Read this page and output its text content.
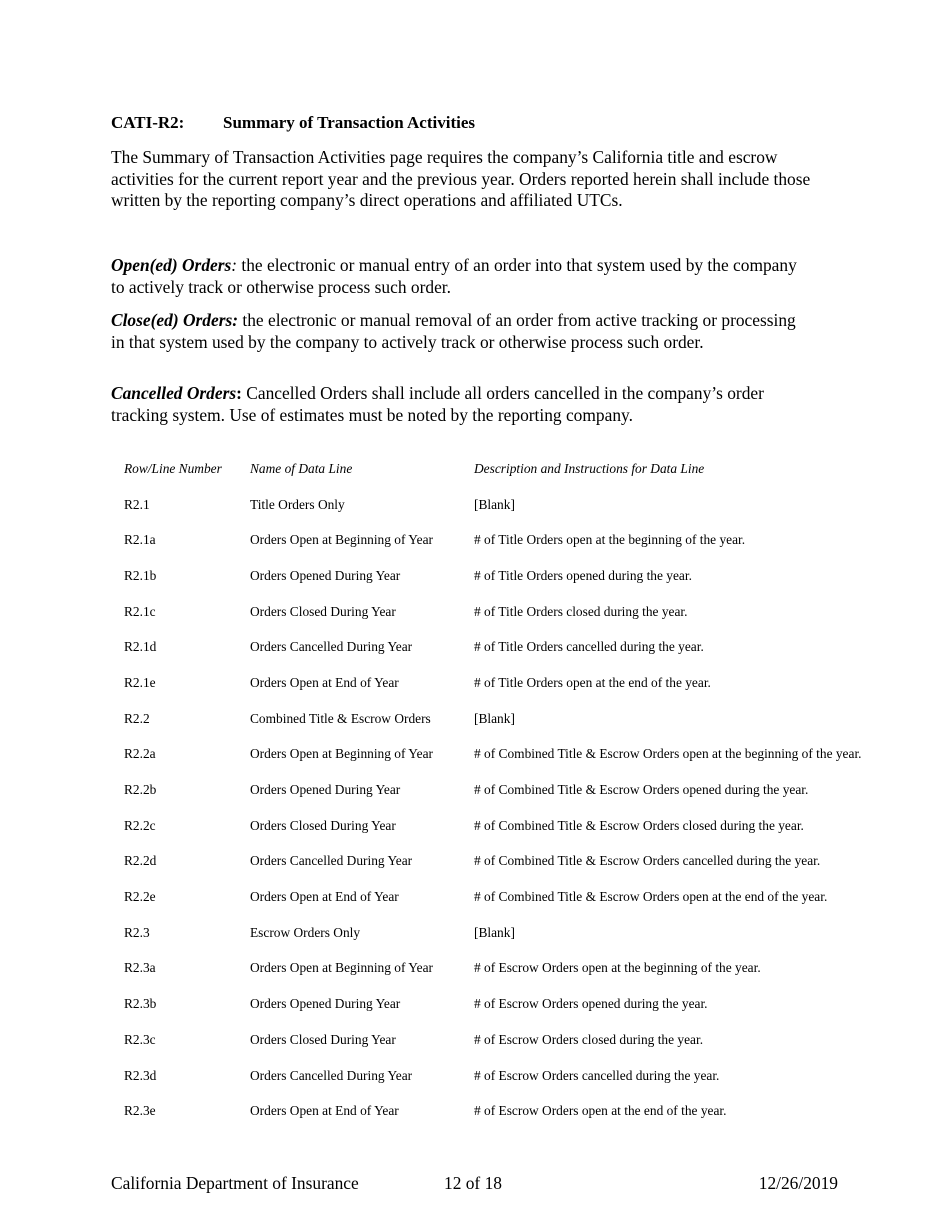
CATI-R2: Summary of Transaction Activities

The Summary of Transaction Activities page requires the company’s California title and escrow activities for the current report year and the previous year. Orders reported herein shall include those written by the reporting company’s direct operations and affiliated UTCs.

Open(ed) Orders: the electronic or manual entry of an order into that system used by the company to actively track or otherwise process such order.

Close(ed) Orders: the electronic or manual removal of an order from active tracking or processing in that system used by the company to actively track or otherwise process such order.

Cancelled Orders: Cancelled Orders shall include all orders cancelled in the company’s order tracking system. Use of estimates must be noted by the reporting company.

Row/Line Number	Name of Data Line	Description and Instructions for Data Line
R2.1	Title Orders Only	[Blank]
R2.1a	Orders Open at Beginning of Year	# of Title Orders open at the beginning of the year.
R2.1b	Orders Opened During Year	# of Title Orders opened during the year.
R2.1c	Orders Closed During Year	# of Title Orders closed during the year.
R2.1d	Orders Cancelled During Year	# of Title Orders cancelled during the year.
R2.1e	Orders Open at End of Year	# of Title Orders open at the end of the year.
R2.2	Combined Title & Escrow Orders	[Blank]
R2.2a	Orders Open at Beginning of Year	# of Combined Title & Escrow Orders open at the beginning of the year.
R2.2b	Orders Opened During Year	# of Combined Title & Escrow Orders opened during the year.
R2.2c	Orders Closed During Year	# of Combined Title & Escrow Orders closed during the year.
R2.2d	Orders Cancelled During Year	# of Combined Title & Escrow Orders cancelled during the year.
R2.2e	Orders Open at End of Year	# of Combined Title & Escrow Orders open at the end of the year.
R2.3	Escrow Orders Only	[Blank]
R2.3a	Orders Open at Beginning of Year	# of Escrow Orders open at the beginning of the year.
R2.3b	Orders Opened During Year	# of Escrow Orders opened during the year.
R2.3c	Orders Closed During Year	# of Escrow Orders closed during the year.
R2.3d	Orders Cancelled During Year	# of Escrow Orders cancelled during the year.
R2.3e	Orders Open at End of Year	# of Escrow Orders open at the end of the year.
California Department of Insurance	12 of 18	12/26/2019
